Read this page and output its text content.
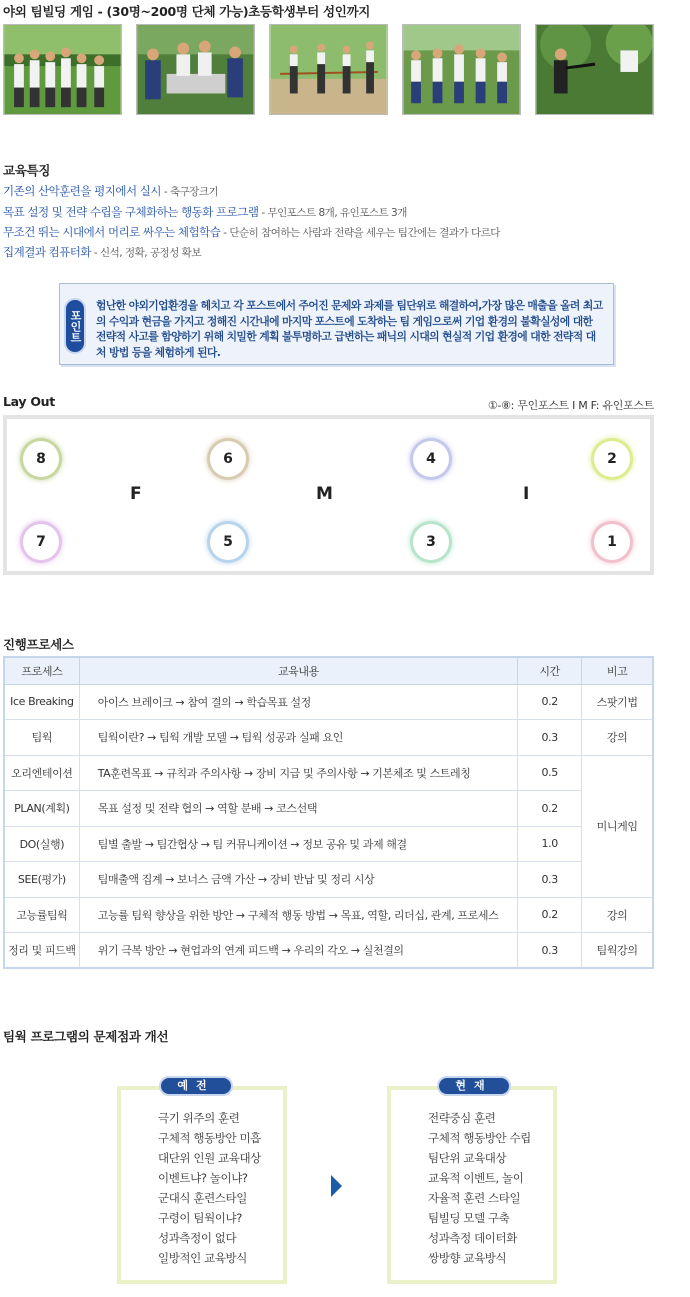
야외 팀빌딩 게임 - (30명~200명 단체 가능)초등학생부터 성인까지
교육특징
기존의 산악훈련을 평지에서 실시 - 축구장크기
목표 설정 및 전략 수립을 구체화하는 행동화 프로그램 - 무인포스트 8개, 유인포스트 3개
무조건 뛰는 시대에서 머리로 싸우는 체험학습 - 단순히 참여하는 사람과 전략을 세우는 팀간에는 결과가 다르다
집계결과 컴퓨터화 - 신석, 정확, 공정성 확보
포인트
험난한 야외기업환경을 헤치고 각 포스트에서 주어진 문제와 과제를 팀단위로 해결하여,가장 많은 매출을 올려 최고의 수익과 현금을 가지고 정해진 시간내에 마지막 포스트에 도착하는 팀 게임으로써 기업 환경의 불확실성에 대한 전략적 사고를 함양하기 위해 치밀한 계획 불투명하고 급변하는 패닉의 시대의 현실적 기업 환경에 대한 전략적 대처 방법 등을 체험하게 된다.
Lay Out	①-⑧: 무인포스트 I M F: 유인포스트
8	6	4	2
F	M	I
7	5	3	1
진행프로세스
프로세스	교육내용	시간	비고
Ice Breaking	아이스 브레이크 → 참여 결의 → 학습목표 설정	0.2	스팟기법
팀웍	팀웍이란? → 팀웍 개발 모델 → 팀웍 성공과 실패 요인	0.3	강의
오리엔테이션	TA훈련목표 → 규칙과 주의사항 → 장비 지급 및 주의사항 → 기본체조 및 스트레칭	0.5	미니게임
PLAN(계획)	목표 설정 및 전략 협의 → 역할 분배 → 코스선택	0.2	
DO(실행)	팀별 출발 → 팀간협상 → 팀 커뮤니케이션 → 정보 공유 및 과제 해결	1.0	
SEE(평가)	팀매출액 집계 → 보너스 금액 가산 → 장비 반납 및 정리 시상	0.3	
고능률팀웍	고능률 팀웍 향상을 위한 방안 → 구체적 행동 방법 → 목표, 역할, 리더십, 관계, 프로세스	0.2	강의
정리 및 피드백	위기 극복 방안 → 현업과의 연계 피드백 → 우리의 각오 → 실천결의	0.3	팀웍강의
팀웍 프로그램의 문제점과 개선
예전
극기 위주의 훈련
구체적 행동방안 미흡
대단위 인원 교육대상
이벤트냐? 놀이냐?
군대식 훈련스타일
구령이 팀웍이냐?
성과측정이 없다
일방적인 교육방식
현재
전략중심 훈련
구체적 행동방안 수립
팀단위 교육대상
교육적 이벤트, 놀이
자율적 훈련 스타일
팀빌딩 모델 구축
성과측정 데이터화
쌍방향 교육방식
